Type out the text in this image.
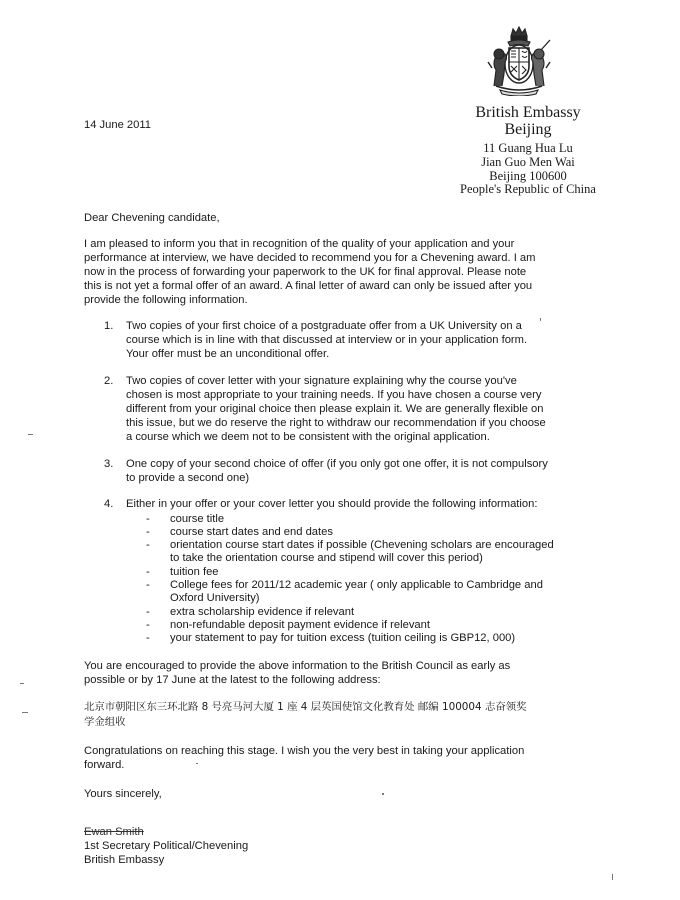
14 June 2011
British Embassy
Beijing
11 Guang Hua Lu
Jian Guo Men Wai
Beijing 100600
People's Republic of China
Dear Chevening candidate,
I am pleased to inform you that in recognition of the quality of your application and your
performance at interview, we have decided to recommend you for a Chevening award. I am
now in the process of forwarding your paperwork to the UK for final approval. Please note
this is not yet a formal offer of an award. A final letter of award can only be issued after you
provide the following information.
1.	Two copies of your first choice of a postgraduate offer from a UK University on a
course which is in line with that discussed at interview or in your application form.
Your offer must be an unconditional offer.
2.	Two copies of cover letter with your signature explaining why the course you've
chosen is most appropriate to your training needs. If you have chosen a course very
different from your original choice then please explain it. We are generally flexible on
this issue, but we do reserve the right to withdraw our recommendation if you choose
a course which we deem not to be consistent with the original application.
3.	One copy of your second choice of offer (if you only got one offer, it is not compulsory
to provide a second one)
4.	Either in your offer or your cover letter you should provide the following information:
- course title
- course start dates and end dates
- orientation course start dates if possible (Chevening scholars are encouraged
to take the orientation course and stipend will cover this period)
- tuition fee
- College fees for 2011/12 academic year ( only applicable to Cambridge and
Oxford University)
- extra scholarship evidence if relevant
- non-refundable deposit payment evidence if relevant
- your statement to pay for tuition excess (tuition ceiling is GBP12, 000)
You are encouraged to provide the above information to the British Council as early as
possible or by 17 June at the latest to the following address:
北京市朝阳区东三环北路 8 号亮马河大厦 1 座 4 层英国使馆文化教育处 邮编 100004 志奋领奖
学金组收
Congratulations on reaching this stage. I wish you the very best in taking your application
forward.
Yours sincerely,
Ewan Smith
1st Secretary Political/Chevening
British Embassy
